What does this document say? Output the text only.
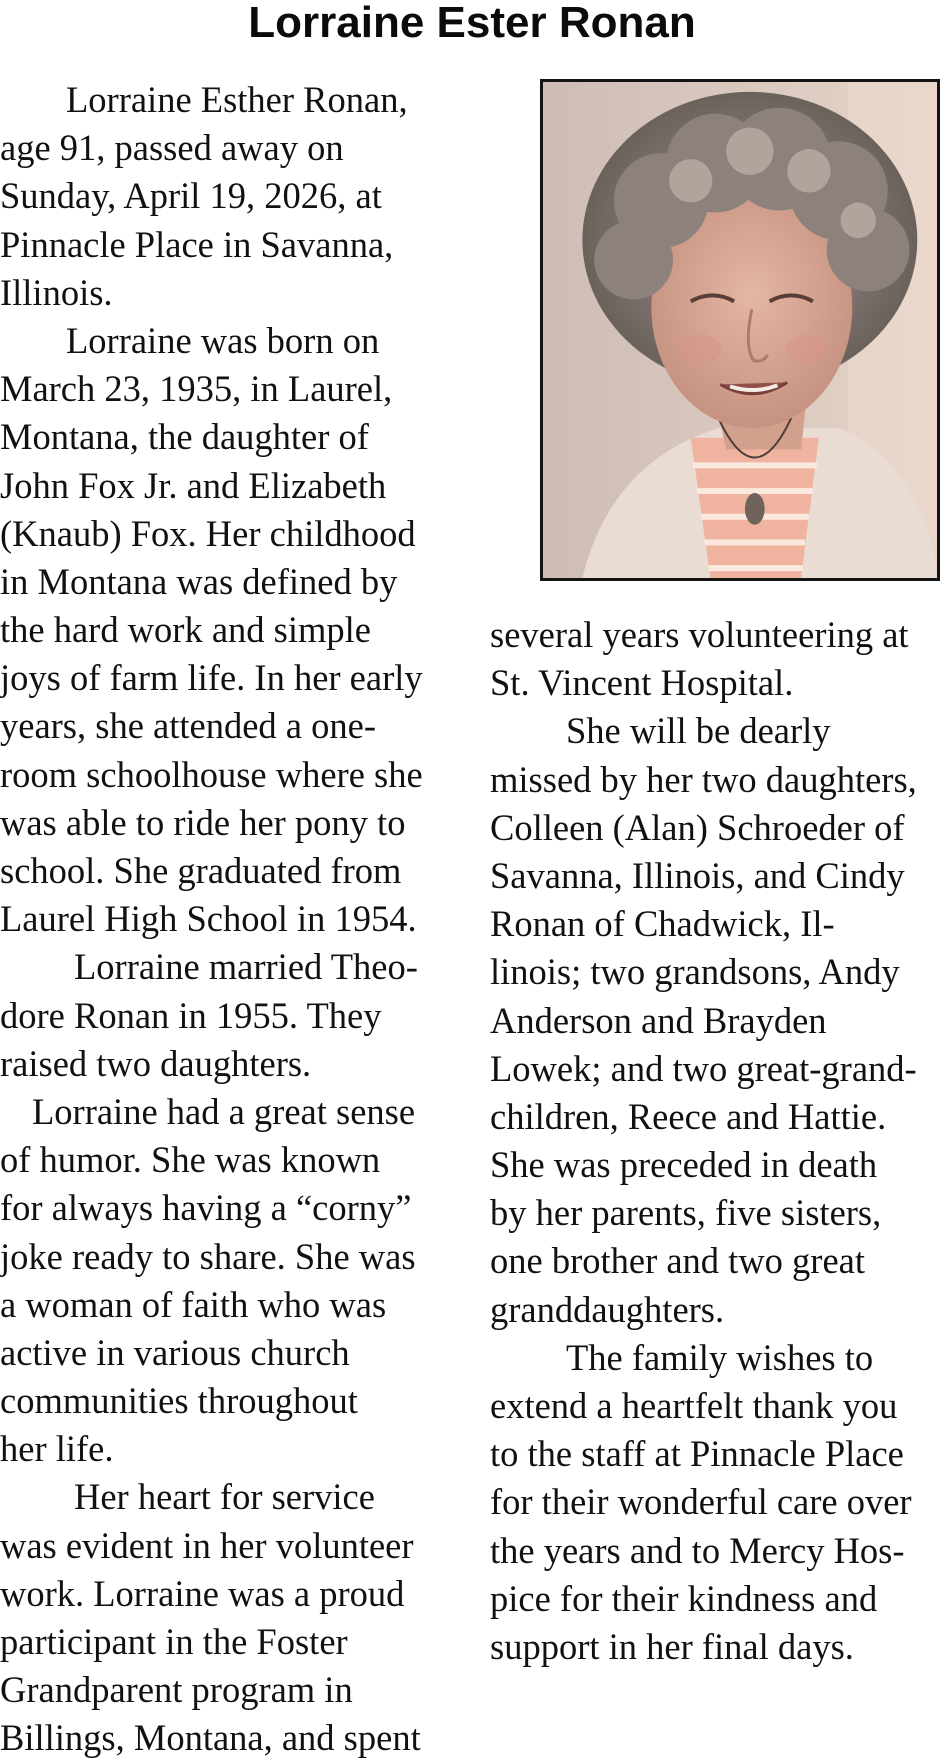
Lorraine Ester Ronan
Lorraine Esther Ronan,
age 91, passed away on
Sunday, April 19, 2026, at
Pinnacle Place in Savanna,
Illinois.
Lorraine was born on
March 23, 1935, in Laurel,
Montana, the daughter of
John Fox Jr. and Elizabeth
(Knaub) Fox. Her childhood
in Montana was defined by
the hard work and simple
joys of farm life. In her early
years, she attended a one-
room schoolhouse where she
was able to ride her pony to
school. She graduated from
Laurel High School in 1954.
Lorraine married Theo-
dore Ronan in 1955. They
raised two daughters.
Lorraine had a great sense
of humor. She was known
for always having a “corny”
joke ready to share. She was
a woman of faith who was
active in various church
communities throughout
her life.
Her heart for service
was evident in her volunteer
work. Lorraine was a proud
participant in the Foster
Grandparent program in
Billings, Montana, and spent
several years volunteering at
St. Vincent Hospital.
She will be dearly
missed by her two daughters,
Colleen (Alan) Schroeder of
Savanna, Illinois, and Cindy
Ronan of Chadwick, Il-
linois; two grandsons, Andy
Anderson and Brayden
Lowek; and two great-grand-
children, Reece and Hattie.
She was preceded in death
by her parents, five sisters,
one brother and two great
granddaughters.
The family wishes to
extend a heartfelt thank you
to the staff at Pinnacle Place
for their wonderful care over
the years and to Mercy Hos-
pice for their kindness and
support in her final days.
